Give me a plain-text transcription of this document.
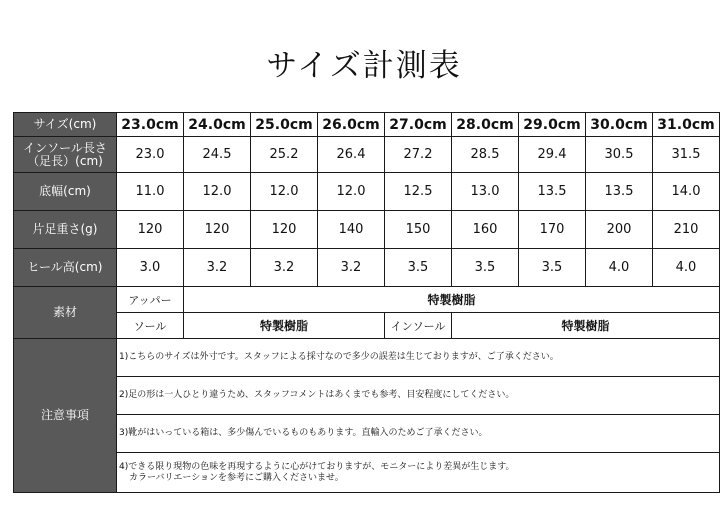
サイズ計測表
サイズ(cm)	23.0cm	24.0cm	25.0cm	26.0cm	27.0cm	28.0cm	29.0cm	30.0cm	31.0cm

インソール長さ
（足長）(cm)	23.0	24.5	25.2	26.4	27.2	28.5	29.4	30.5	31.5
底幅(cm)	11.0	12.0	12.0	12.0	12.5	13.0	13.5	13.5	14.0
片足重さ(g)	120	120	120	140	150	160	170	200	210
ヒール高(cm)	3.0	3.2	3.2	3.2	3.5	3.5	3.5	4.0	4.0
素材	アッパー	特製樹脂							
	ソール	特製樹脂			インソール	特製樹脂			
注意事項	1)こちらのサイズは外寸です。スタッフによる採寸なので多少の誤差は生じておりますが、ご了承ください。								
	2)足の形は一人ひとり違うため、スタッフコメントはあくまでも参考、目安程度にしてください。								
	3)靴がはいっている箱は、多少傷んでいるものもあります。直輸入のためご了承ください。								

	4)できる限り現物の色味を再現するように心がけておりますが、モニターにより差異が生じます。
カラーバリエーションを参考にご購入くださいませ。								
